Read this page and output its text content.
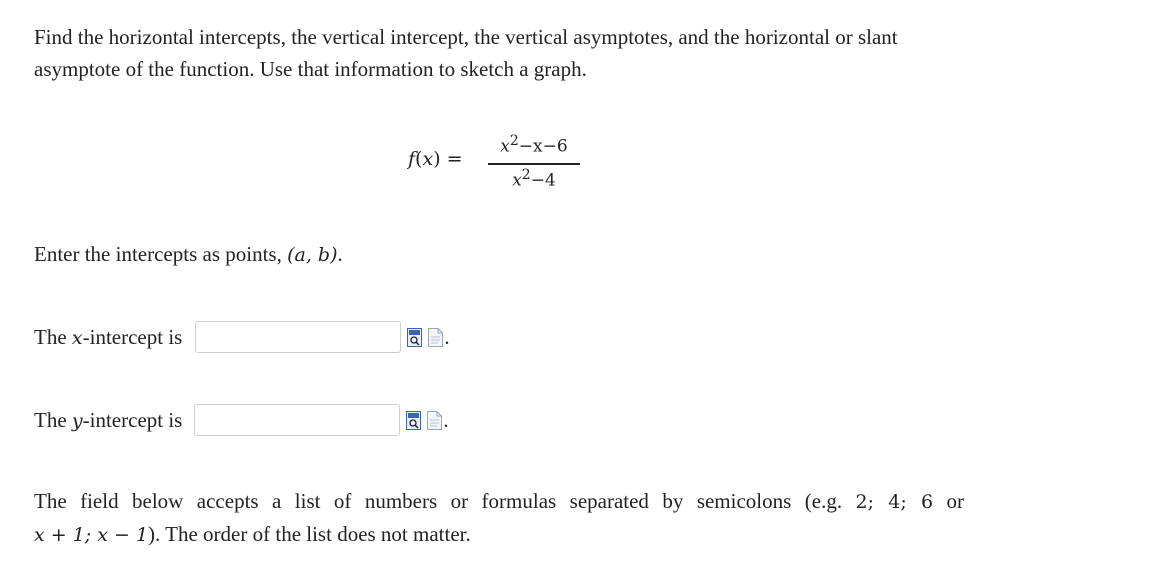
Find the horizontal intercepts, the vertical intercept, the vertical asymptotes, and the horizontal or slant
asymptote of the function. Use that information to sketch a graph.
f(x) =
$x^2-x-6$
$x^2-4$
Enter the intercepts as points, (a, b).
The x-intercept is	.
The y-intercept is	.
The field below accepts a list of numbers or formulas separated by semicolons (e.g. 2; 4; 6 or
x + 1; x − 1). The order of the list does not matter.
